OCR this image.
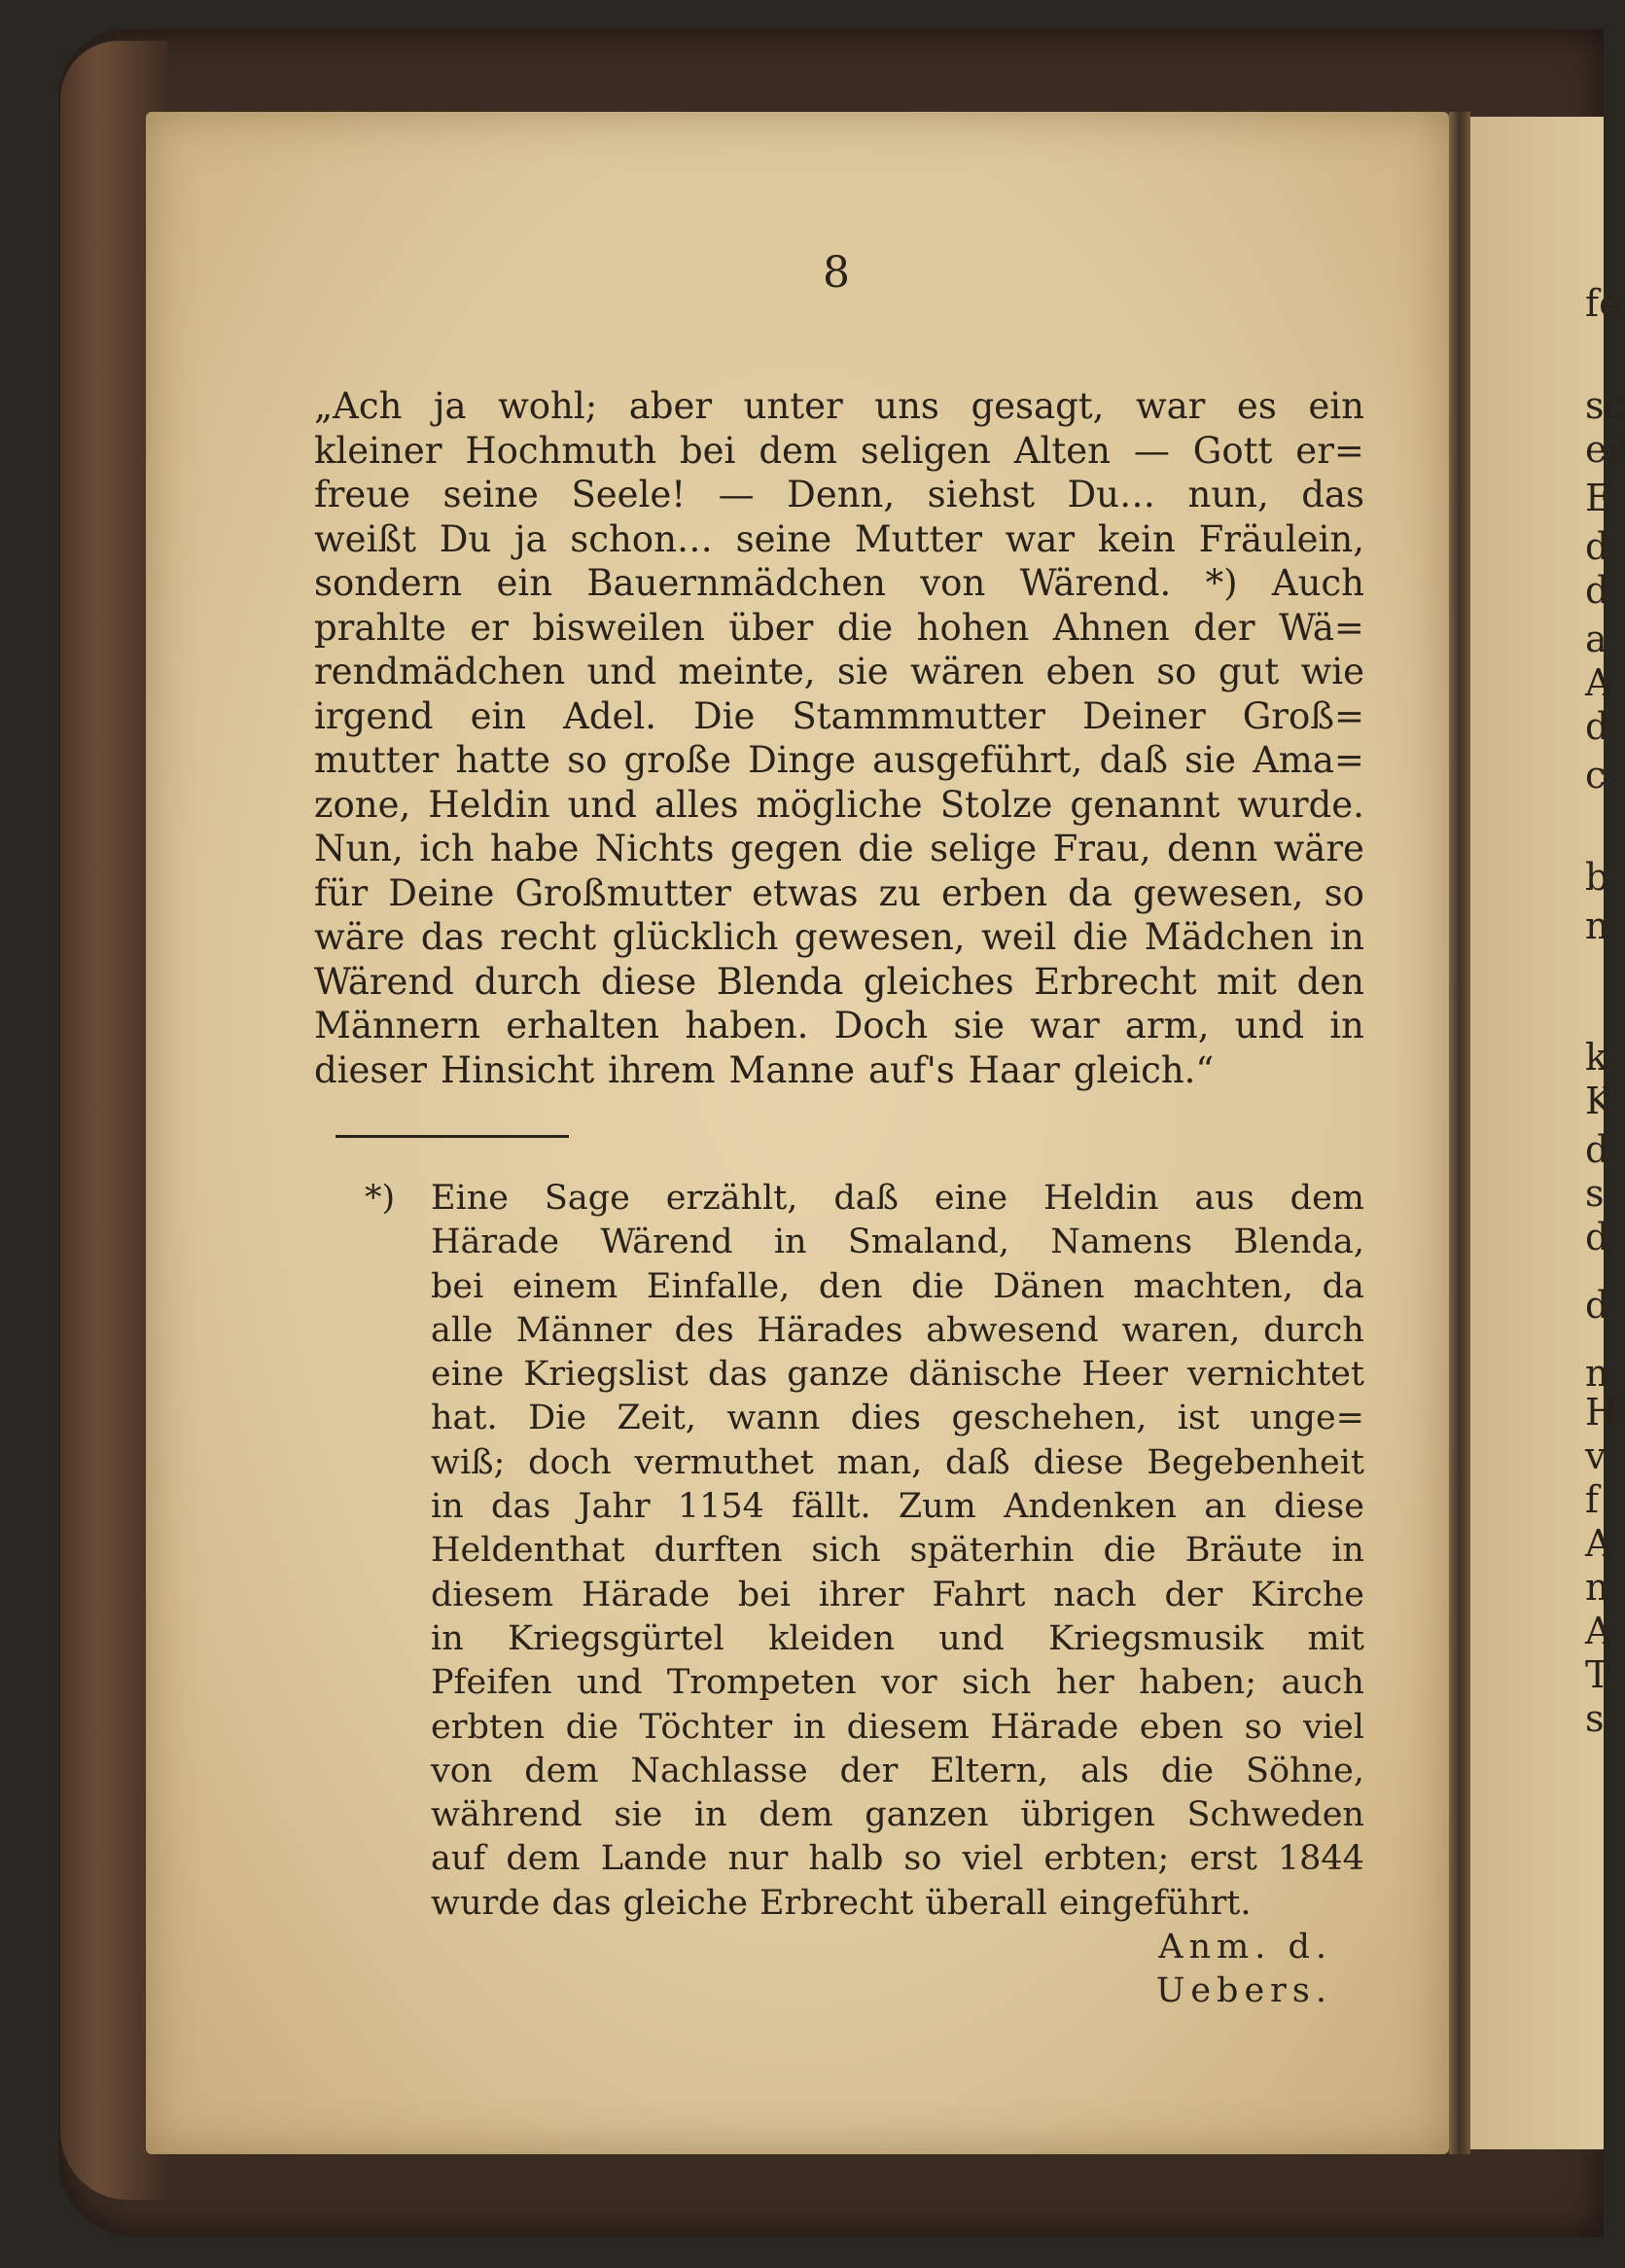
fe
sc
er
E
d
d
a
A
d
c
b
n
k
K
d
s
d
d
n
H
v
f
A
n
A
T
s
8
„Ach ja wohl; aber unter uns gesagt, war es ein
kleiner Hochmuth bei dem seligen Alten — Gott er=
freue seine Seele! — Denn, siehst Du… nun, das
weißt Du ja schon… seine Mutter war kein Fräulein,
sondern ein Bauernmädchen von Wärend. *) Auch
prahlte er bisweilen über die hohen Ahnen der Wä=
rendmädchen und meinte, sie wären eben so gut wie
irgend ein Adel. Die Stammmutter Deiner Groß=
mutter hatte so große Dinge ausgeführt, daß sie Ama=
zone, Heldin und alles mögliche Stolze genannt wurde.
Nun, ich habe Nichts gegen die selige Frau, denn wäre
für Deine Großmutter etwas zu erben da gewesen, so
wäre das recht glücklich gewesen, weil die Mädchen in
Wärend durch diese Blenda gleiches Erbrecht mit den
Männern erhalten haben. Doch sie war arm, und in
dieser Hinsicht ihrem Manne auf's Haar gleich.“
*) Eine Sage erzählt, daß eine Heldin aus dem
Härade Wärend in Smaland, Namens Blenda,
bei einem Einfalle, den die Dänen machten, da
alle Männer des Härades abwesend waren, durch
eine Kriegslist das ganze dänische Heer vernichtet
hat. Die Zeit, wann dies geschehen, ist unge=
wiß; doch vermuthet man, daß diese Begebenheit
in das Jahr 1154 fällt. Zum Andenken an diese
Heldenthat durften sich späterhin die Bräute in
diesem Härade bei ihrer Fahrt nach der Kirche
in Kriegsgürtel kleiden und Kriegsmusik mit
Pfeifen und Trompeten vor sich her haben; auch
erbten die Töchter in diesem Härade eben so viel
von dem Nachlasse der Eltern, als die Söhne,
während sie in dem ganzen übrigen Schweden
auf dem Lande nur halb so viel erbten; erst 1844
wurde das gleiche Erbrecht überall eingeführt.
Anm. d. Uebers.
